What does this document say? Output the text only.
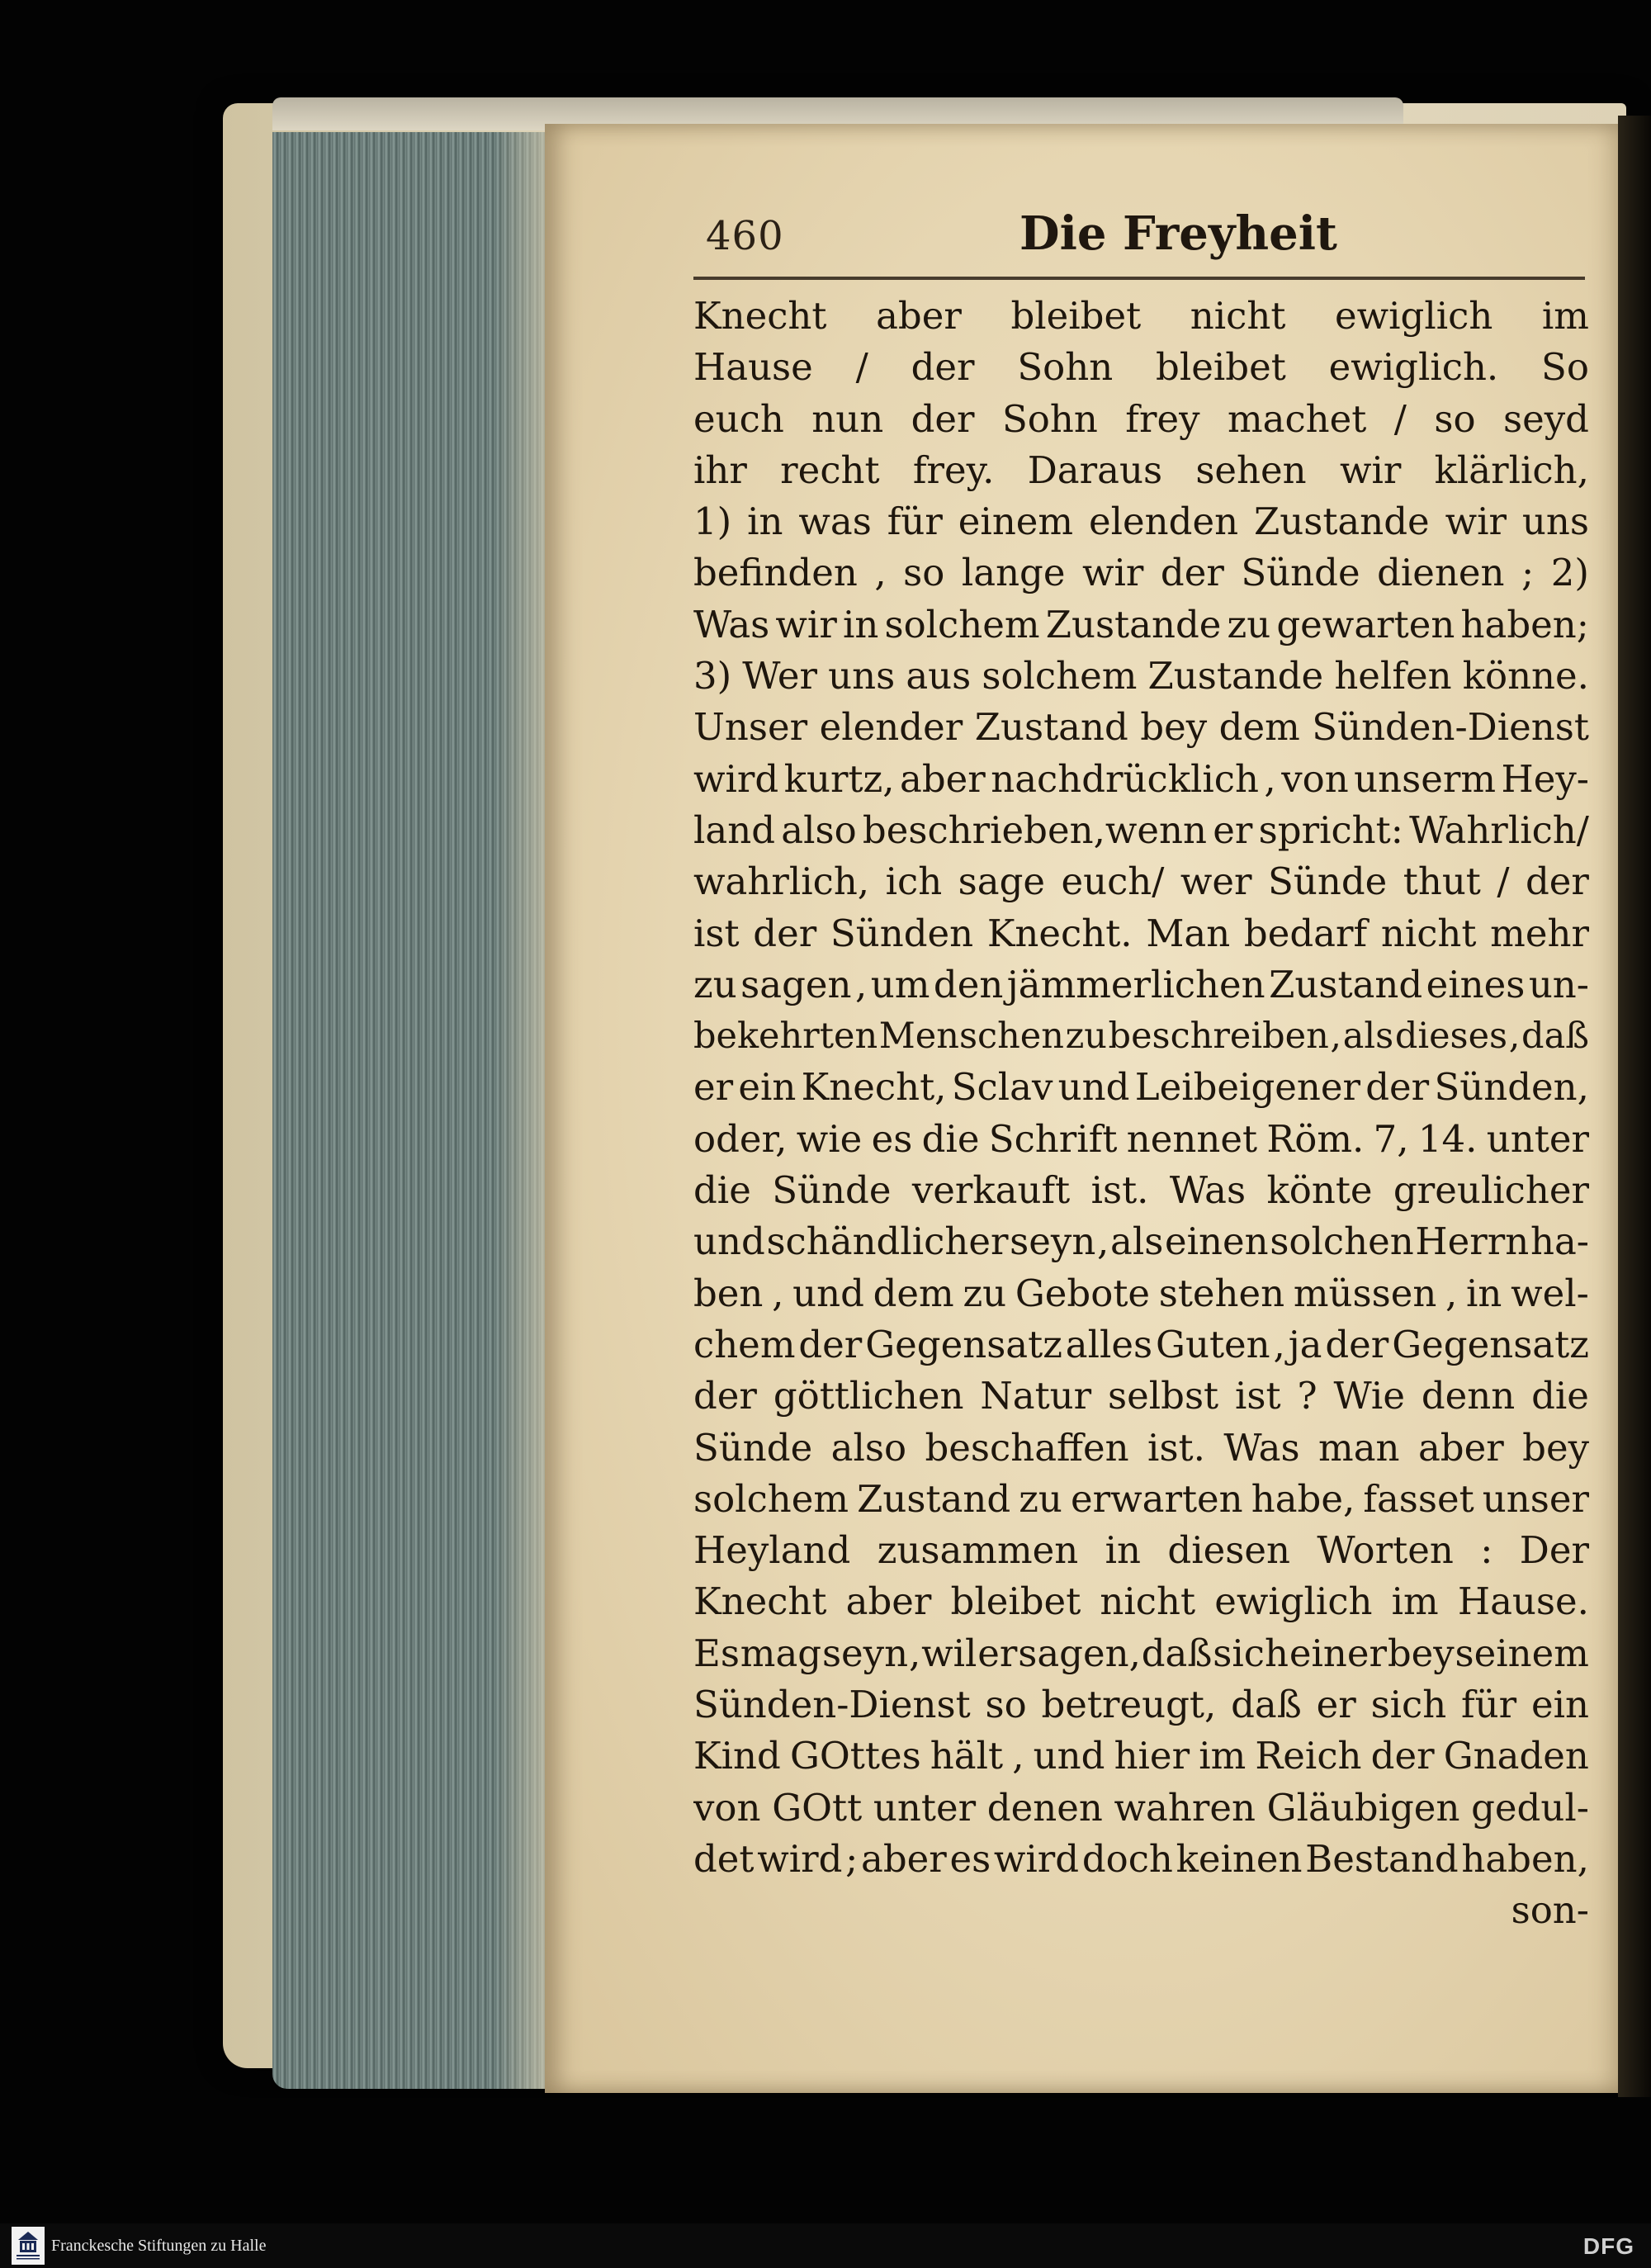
460	Die Freyheit
Knecht aber bleibet nicht ewiglich im
Hause / der Sohn bleibet ewiglich. So
euch nun der Sohn frey machet / so seyd
ihr recht frey. Daraus sehen wir klärlich,
1) in was für einem elenden Zustande wir uns
befinden , so lange wir der Sünde dienen ; 2)
Was wir in solchem Zustande zu gewarten haben;
3) Wer uns aus solchem Zustande helfen könne.
Unser elender Zustand bey dem Sünden-Dienst
wird kurtz, aber nachdrücklich , von unserm Hey-
land also beschrieben,wenn er spricht: Wahrlich/
wahrlich, ich sage euch/ wer Sünde thut / der
ist der Sünden Knecht. Man bedarf nicht mehr
zu sagen , um den jämmerlichen Zustand eines un-
bekehrten Menschen zu beschreiben , als dieses , daß
er ein Knecht, Sclav und Leibeigener der Sünden,
oder, wie es die Schrift nennet Röm. 7, 14. unter
die Sünde verkauft ist. Was könte greulicher
und schändlicher seyn , als einen solchen Herrn ha-
ben , und dem zu Gebote stehen müssen , in wel-
chem der Gegensatz alles Guten , ja der Gegensatz
der göttlichen Natur selbst ist ? Wie denn die
Sünde also beschaffen ist. Was man aber bey
solchem Zustand zu erwarten habe, fasset unser
Heyland zusammen in diesen Worten : Der
Knecht aber bleibet nicht ewiglich im Hause.
Es mag seyn , wil er sagen, daß sich einer bey seinem
Sünden-Dienst so betreugt, daß er sich für ein
Kind GOttes hält , und hier im Reich der Gnaden
von GOtt unter denen wahren Gläubigen gedul-
det wird ; aber es wird doch keinen Bestand haben,
son-
Franckesche Stiftungen zu Halle	DFG
